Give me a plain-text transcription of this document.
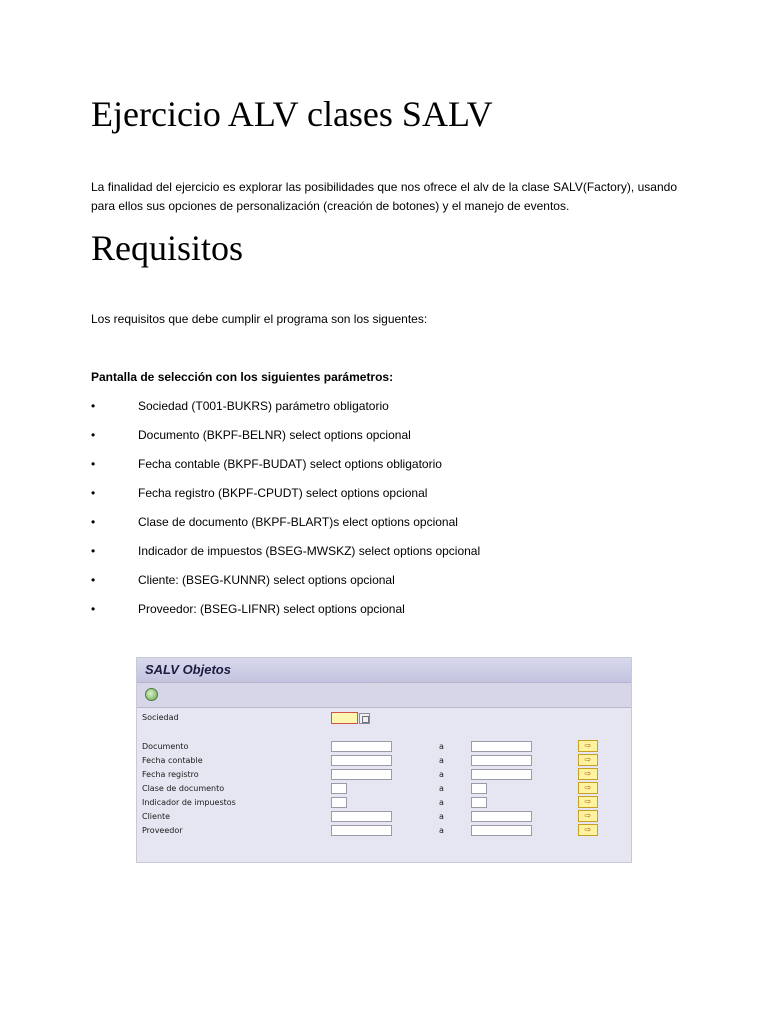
Ejercicio ALV clases SALV

La finalidad del ejercicio es explorar las posibilidades que nos ofrece el alv de la clase SALV(Factory), usando para ellos sus opciones de personalización (creación de botones) y el manejo de eventos.

Requisitos

Los requisitos que debe cumplir el programa son los siguentes:

Pantalla de selección con los siguientes parámetros:

•	Sociedad (T001-BUKRS) parámetro obligatorio
•	Documento (BKPF-BELNR) select options opcional
•	Fecha contable (BKPF-BUDAT) select options obligatorio
•	Fecha registro (BKPF-CPUDT) select options opcional
•	Clase de documento (BKPF-BLART)s elect options opcional
•	Indicador de impuestos (BSEG-MWSKZ) select options opcional
•	Cliente: (BSEG-KUNNR) select options opcional
•	Proveedor: (BSEG-LIFNR) select options opcional
SALV Objetos
Sociedad
Documento	a	⇨
Fecha contable	a	⇨
Fecha registro	a	⇨
Clase de documento	a	⇨
Indicador de impuestos	a	⇨
Cliente	a	⇨
Proveedor	a	⇨
